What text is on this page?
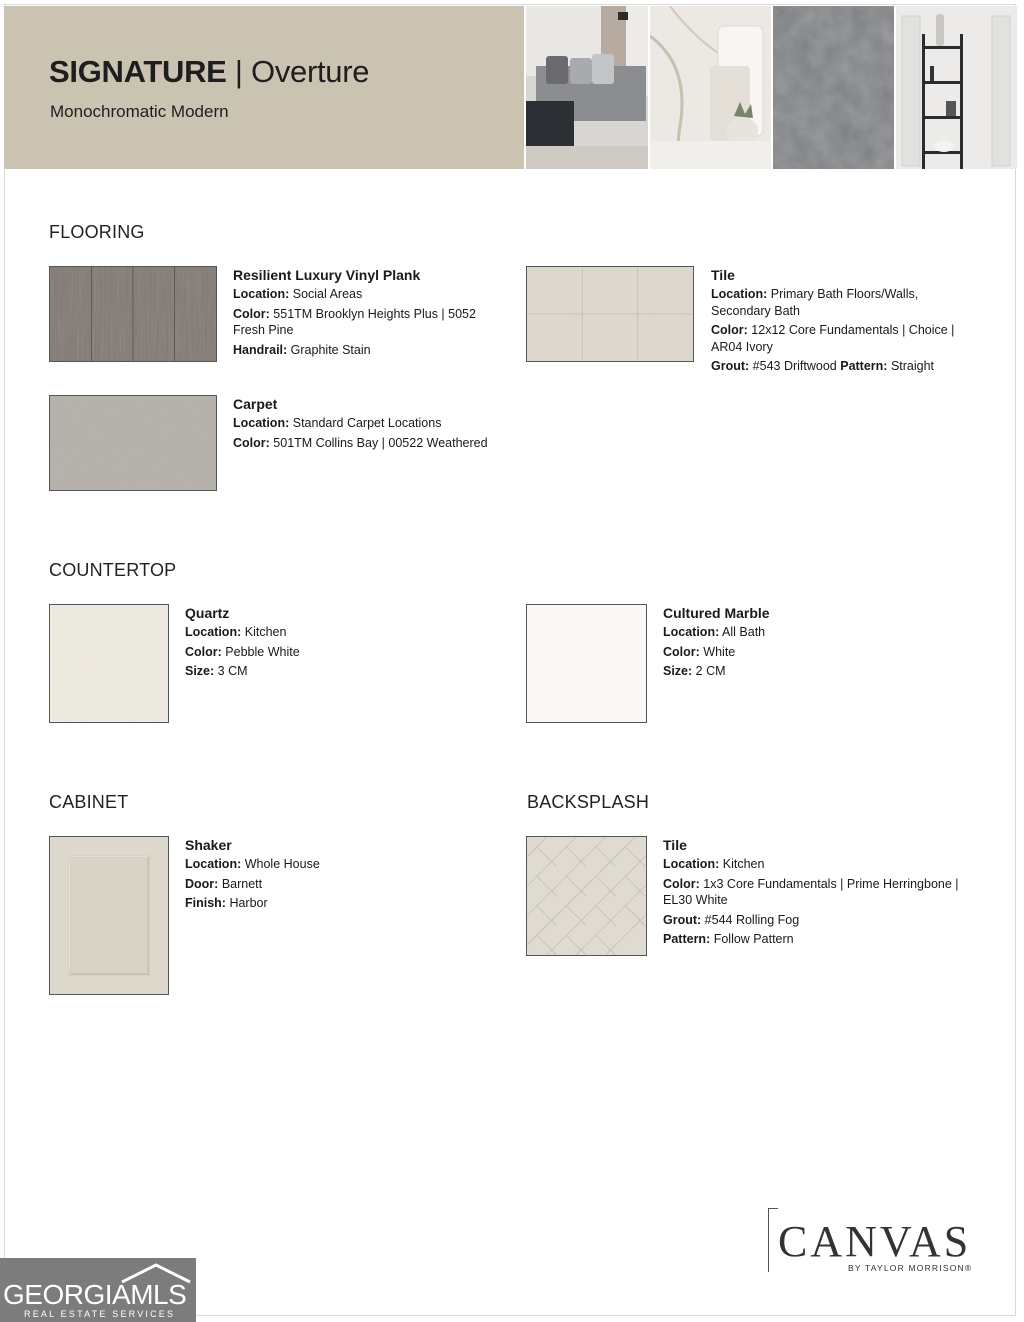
SIGNATURE | Overture
Monochromatic Modern
FLOORING
Resilient Luxury Vinyl Plank
Location: Social Areas
Color: 551TM Brooklyn Heights Plus | 5052 Fresh Pine
Handrail: Graphite Stain
Tile
Location: Primary Bath Floors/Walls, Secondary Bath
Color: 12x12 Core Fundamentals | Choice | AR04 Ivory
Grout: #543 Driftwood Pattern: Straight
Carpet
Location: Standard Carpet Locations
Color: 501TM Collins Bay | 00522 Weathered
COUNTERTOP
Quartz
Location: Kitchen
Color: Pebble White
Size: 3 CM
Cultured Marble
Location: All Bath
Color: White
Size: 2 CM
CABINET
Shaker
Location: Whole House
Door: Barnett
Finish: Harbor
BACKSPLASH
Tile
Location: Kitchen
Color: 1x3 Core Fundamentals | Prime Herringbone | EL30 White
Grout: #544 Rolling Fog
Pattern: Follow Pattern
CANVAS
BY TAYLOR MORRISON®
GEORGIAMLS
REAL ESTATE SERVICES
